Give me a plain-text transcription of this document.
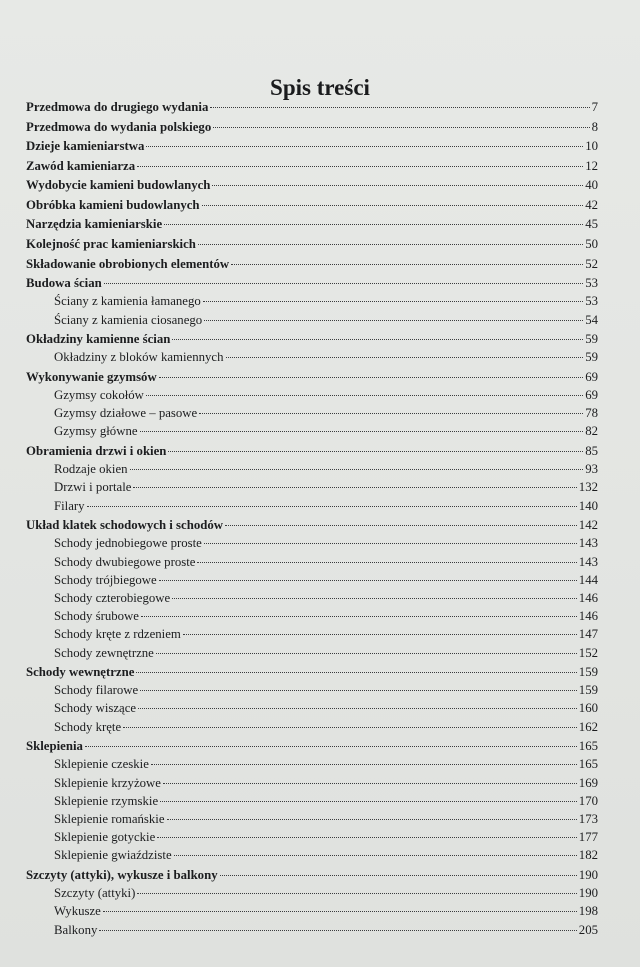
Spis treści
Przedmowa do drugiego wydania	7
Przedmowa do wydania polskiego	8
Dzieje kamieniarstwa	10
Zawód kamieniarza	12
Wydobycie kamieni budowlanych	40
Obróbka kamieni budowlanych	42
Narzędzia kamieniarskie	45
Kolejność prac kamieniarskich	50
Składowanie obrobionych elementów	52
Budowa ścian	53
Ściany z kamienia łamanego	53
Ściany z kamienia ciosanego	54
Okładziny kamienne ścian	59
Okładziny z bloków kamiennych	59
Wykonywanie gzymsów	69
Gzymsy cokołów	69
Gzymsy działowe – pasowe	78
Gzymsy główne	82
Obramienia drzwi i okien	85
Rodzaje okien	93
Drzwi i portale	132
Filary	140
Układ klatek schodowych i schodów	142
Schody jednobiegowe proste	143
Schody dwubiegowe proste	143
Schody trójbiegowe	144
Schody czterobiegowe	146
Schody śrubowe	146
Schody kręte z rdzeniem	147
Schody zewnętrzne	152
Schody wewnętrzne	159
Schody filarowe	159
Schody wiszące	160
Schody kręte	162
Sklepienia	165
Sklepienie czeskie	165
Sklepienie krzyżowe	169
Sklepienie rzymskie	170
Sklepienie romańskie	173
Sklepienie gotyckie	177
Sklepienie gwiaździste	182
Szczyty (attyki), wykusze i balkony	190
Szczyty (attyki)	190
Wykusze	198
Balkony	205
